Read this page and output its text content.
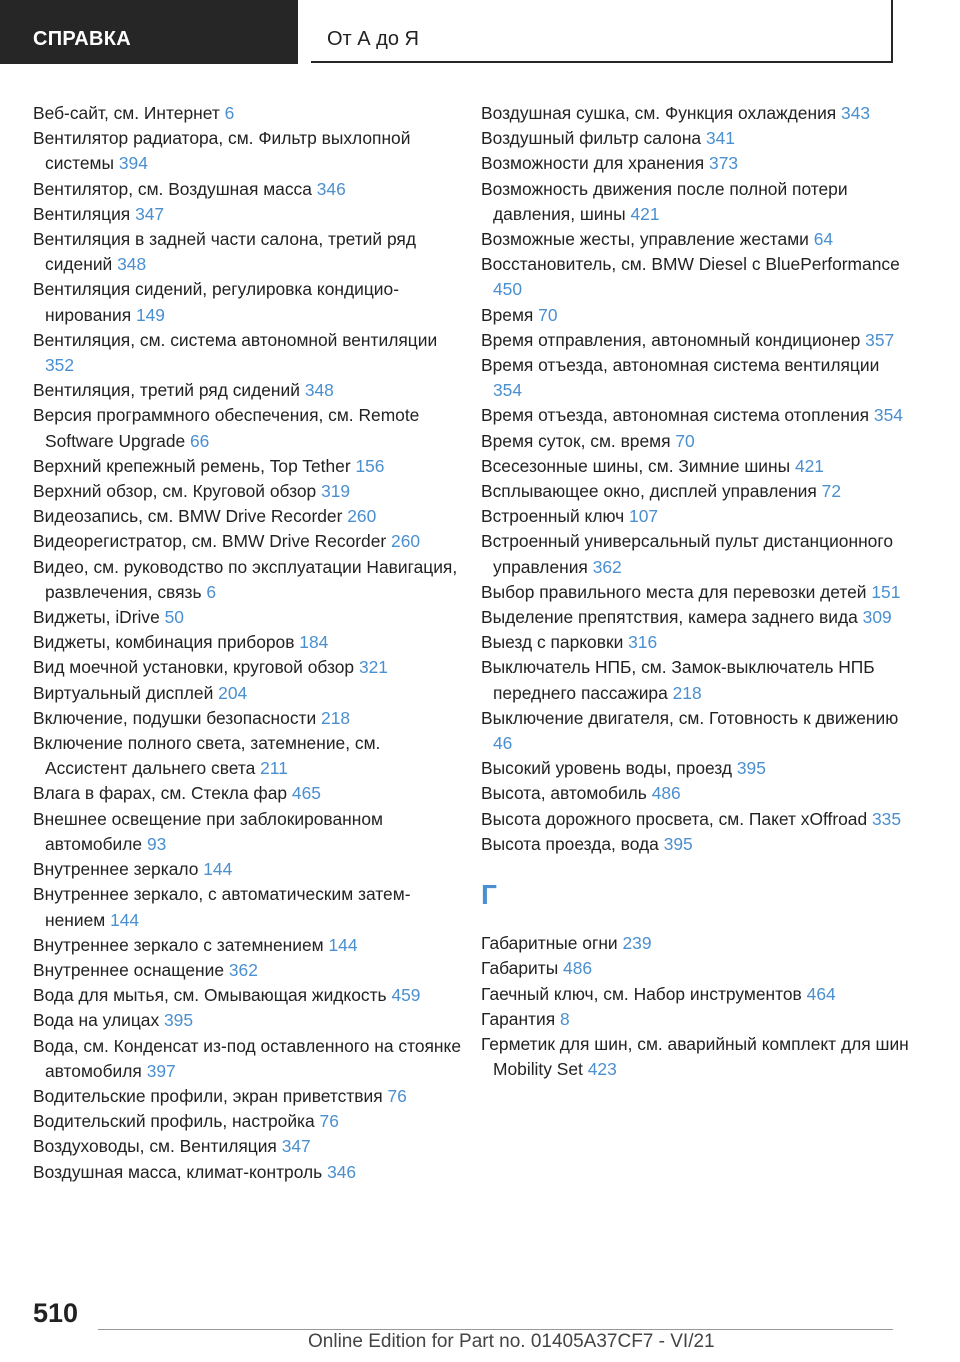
СПРАВКА	От А до Я
Веб-сайт, см. Интернет 6
Вентилятор радиатора, см. Фильтр выхлопной системы 394
Вентилятор, см. Воздушная масса 346
Вентиляция 347
Вентиляция в задней части салона, третий ряд сидений 348
Вентиляция сидений, регулировка кондиционирования 149
Вентиляция, см. система автономной вентиляции 352
Вентиляция, третий ряд сидений 348
Версия программного обеспечения, см. Remote Software Upgrade 66
Верхний крепежный ремень, Top Tether 156
Верхний обзор, см. Круговой обзор 319
Видеозапись, см. BMW Drive Recorder 260
Видеорегистратор, см. BMW Drive Recorder 260
Видео, см. руководство по эксплуатации Навигация, развлечения, связь 6
Виджеты, iDrive 50
Виджеты, комбинация приборов 184
Вид моечной установки, круговой обзор 321
Виртуальный дисплей 204
Включение, подушки безопасности 218
Включение полного света, затемнение, см. Ассистент дальнего света 211
Влага в фарах, см. Стекла фар 465
Внешнее освещение при заблокированном автомобиле 93
Внутреннее зеркало 144
Внутреннее зеркало, с автоматическим затемнением 144
Внутреннее зеркало с затемнением 144
Внутреннее оснащение 362
Вода для мытья, см. Омывающая жидкость 459
Вода на улицах 395
Вода, см. Конденсат из-под оставленного на стоянке автомобиля 397
Водительские профили, экран приветствия 76
Водительский профиль, настройка 76
Воздуховоды, см. Вентиляция 347
Воздушная масса, климат-контроль 346
Воздушная сушка, см. Функция охлаждения 343
Воздушный фильтр салона 341
Возможности для хранения 373
Возможность движения после полной потери давления, шины 421
Возможные жесты, управление жестами 64
Восстановитель, см. BMW Diesel с BluePerformance 450
Время 70
Время отправления, автономный кондиционер 357
Время отъезда, автономная система вентиляции 354
Время отъезда, автономная система отопления 354
Время суток, см. время 70
Всесезонные шины, см. Зимние шины 421
Всплывающее окно, дисплей управления 72
Встроенный ключ 107
Встроенный универсальный пульт дистанционного управления 362
Выбор правильного места для перевозки детей 151
Выделение препятствия, камера заднего вида 309
Выезд с парковки 316
Выключатель НПБ, см. Замок-выключатель НПБ переднего пассажира 218
Выключение двигателя, см. Готовность к движению 46
Высокий уровень воды, проезд 395
Высота, автомобиль 486
Высота дорожного просвета, см. Пакет xOffroad 335
Высота проезда, вода 395
Г
Габаритные огни 239
Габариты 486
Гаечный ключ, см. Набор инструментов 464
Гарантия 8
Герметик для шин, см. аварийный комплект для шин Mobility Set 423
510
Online Edition for Part no. 01405A37CF7 - VI/21
